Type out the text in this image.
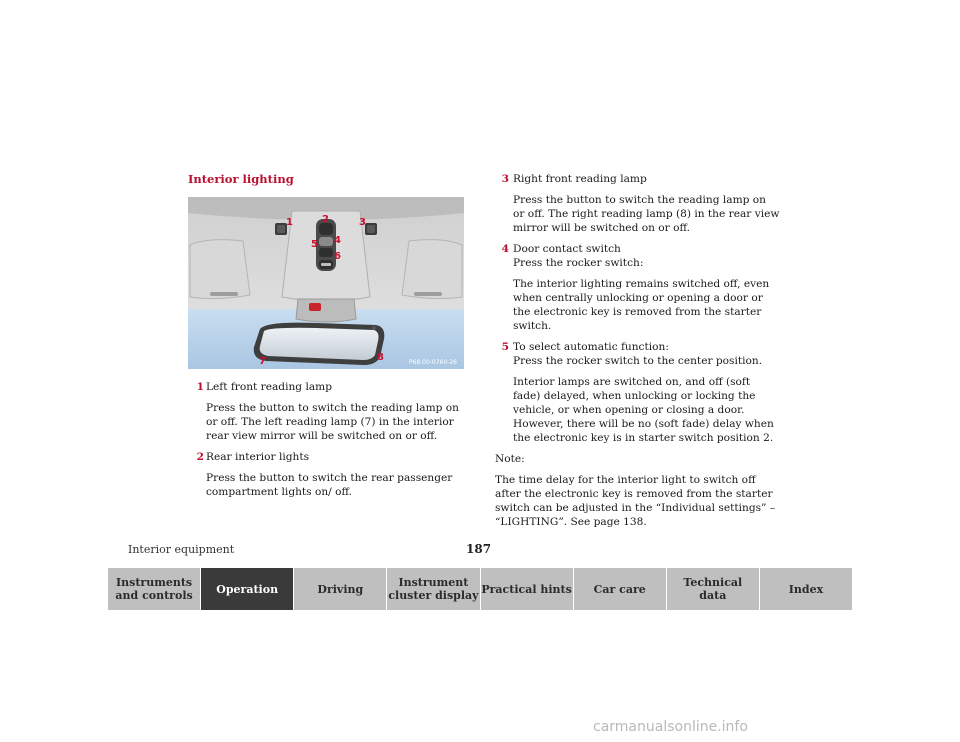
Interior lighting
1	2	3
4
5
6
7	8	P68.00-0760-26
1 Left front reading lamp

Press the button to switch the reading lamp on or off. The left reading lamp (7) in the interior rear view mirror will be switched on or off.

2 Rear interior lights

Press the button to switch the rear passenger compartment lights on/ off.

3 Right front reading lamp

Press the button to switch the reading lamp on or off. The right reading lamp (8) in the rear view mirror will be switched on or off.

4 Door contact switch

Press the rocker switch:

The interior lighting remains switched off, even when centrally unlocking or opening a door or the electronic key is removed from the starter switch.

5 To select automatic function:

Press the rocker switch to the center position.

Interior lamps are switched on, and off (soft fade) delayed, when unlocking or locking the vehicle, or when opening or closing a door. However, there will be no (soft fade) delay when the electronic key is in starter switch position 2.

Note:

The time delay for the interior light to switch off after the electronic key is removed from the starter switch can be adjusted in the “Individual settings” – “LIGHTING”. See page 138.

Interior equipment	187
Instruments
and controls	Operation	Driving	Instrument
cluster display Practical hints	Car care	Technical
data	Index
carmanualsonline.info
